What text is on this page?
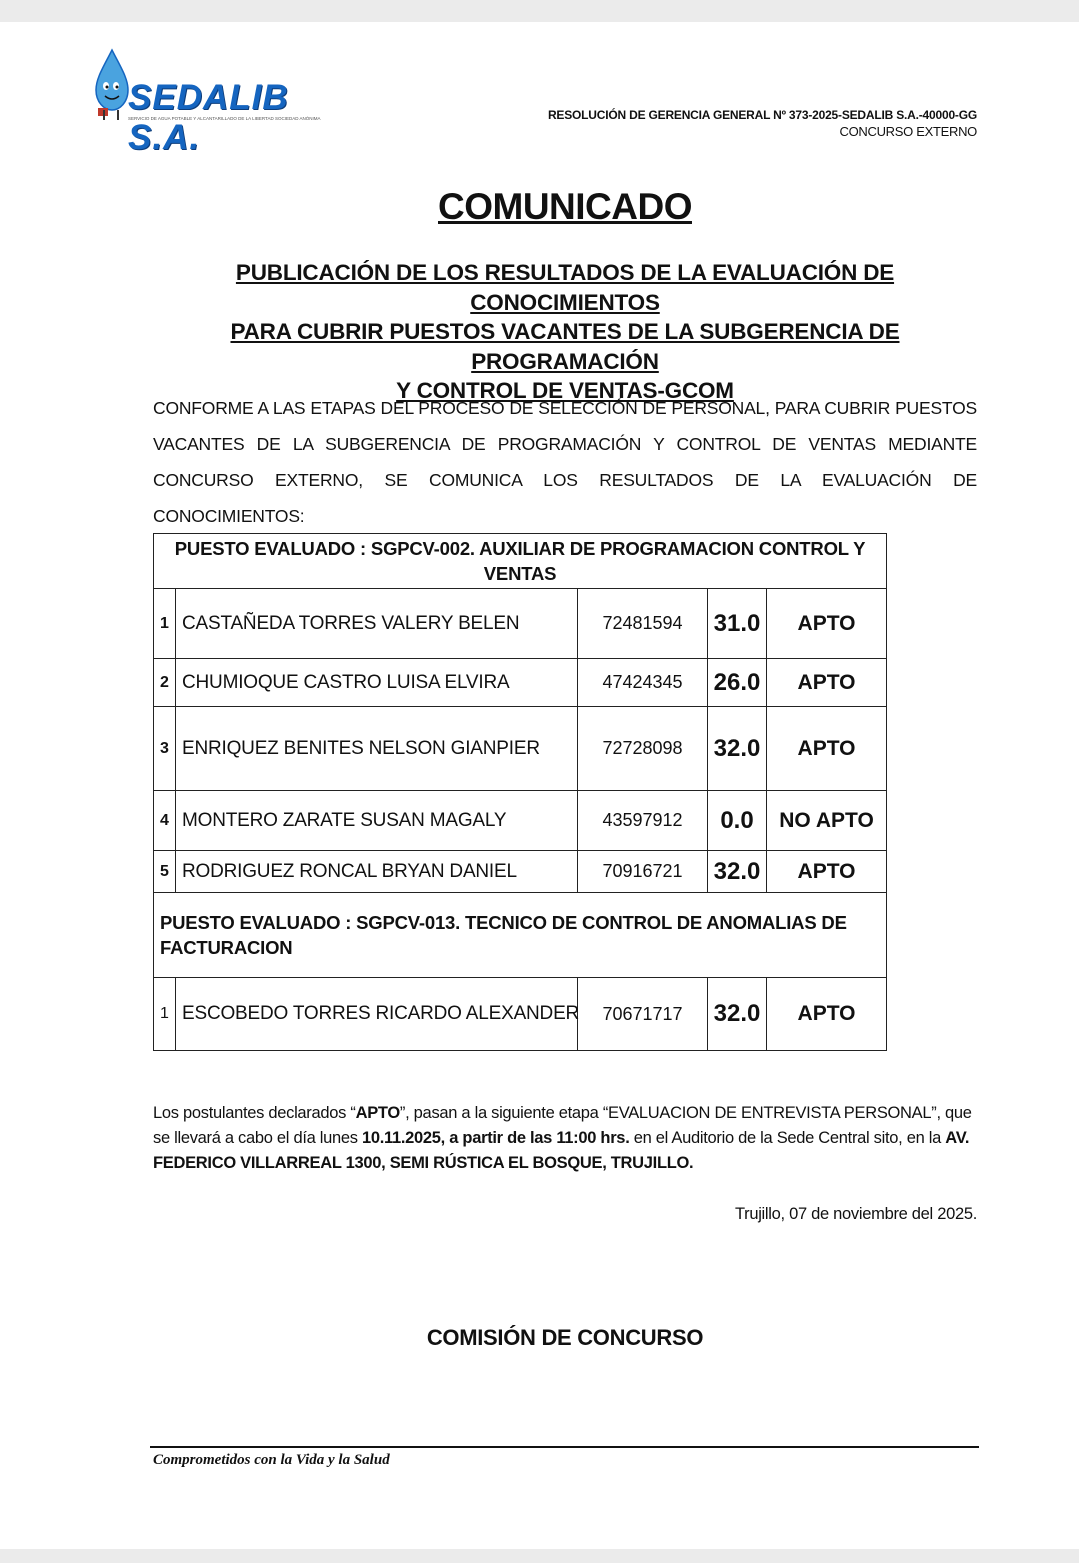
SEDALIB S.A.
SERVICIO DE AGUA POTABLE Y ALCANTARILLADO DE LA LIBERTAD SOCIEDAD ANÓNIMA	RESOLUCIÓN DE GERENCIA GENERAL Nº 373-2025-SEDALIB S.A.-40000-GG
CONCURSO EXTERNO
COMUNICADO
PUBLICACIÓN DE LOS RESULTADOS DE LA EVALUACIÓN DE CONOCIMIENTOS
PARA CUBRIR PUESTOS VACANTES DE LA SUBGERENCIA DE PROGRAMACIÓN
Y CONTROL DE VENTAS-GCOM
CONFORME A LAS ETAPAS DEL PROCESO DE SELECCIÓN DE PERSONAL, PARA CUBRIR PUESTOS VACANTES DE LA SUBGERENCIA DE PROGRAMACIÓN Y CONTROL DE VENTAS MEDIANTE CONCURSO EXTERNO, SE COMUNICA LOS RESULTADOS DE LA EVALUACIÓN DE CONOCIMIENTOS:
PUESTO EVALUADO : SGPCV-002. AUXILIAR DE PROGRAMACION CONTROL Y VENTAS				
1	CASTAÑEDA TORRES VALERY BELEN	72481594	31.0	APTO
2	CHUMIOQUE CASTRO LUISA ELVIRA	47424345	26.0	APTO
3	ENRIQUEZ BENITES NELSON GIANPIER	72728098	32.0	APTO
4	MONTERO ZARATE SUSAN MAGALY	43597912	0.0	NO APTO
5	RODRIGUEZ RONCAL BRYAN DANIEL	70916721	32.0	APTO
PUESTO EVALUADO : SGPCV-013. TECNICO DE CONTROL DE ANOMALIAS DE FACTURACION				
1	ESCOBEDO TORRES RICARDO ALEXANDER	70671717	32.0	APTO
Los postulantes declarados “APTO”, pasan a la siguiente etapa “EVALUACION DE ENTREVISTA PERSONAL”, que se llevará a cabo el día lunes 10.11.2025, a partir de las 11:00 hrs. en el Auditorio de la Sede Central sito, en la AV. FEDERICO VILLARREAL 1300, SEMI RÚSTICA EL BOSQUE, TRUJILLO.
Trujillo, 07 de noviembre del 2025.
COMISIÓN DE CONCURSO
Comprometidos con la Vida y la Salud
